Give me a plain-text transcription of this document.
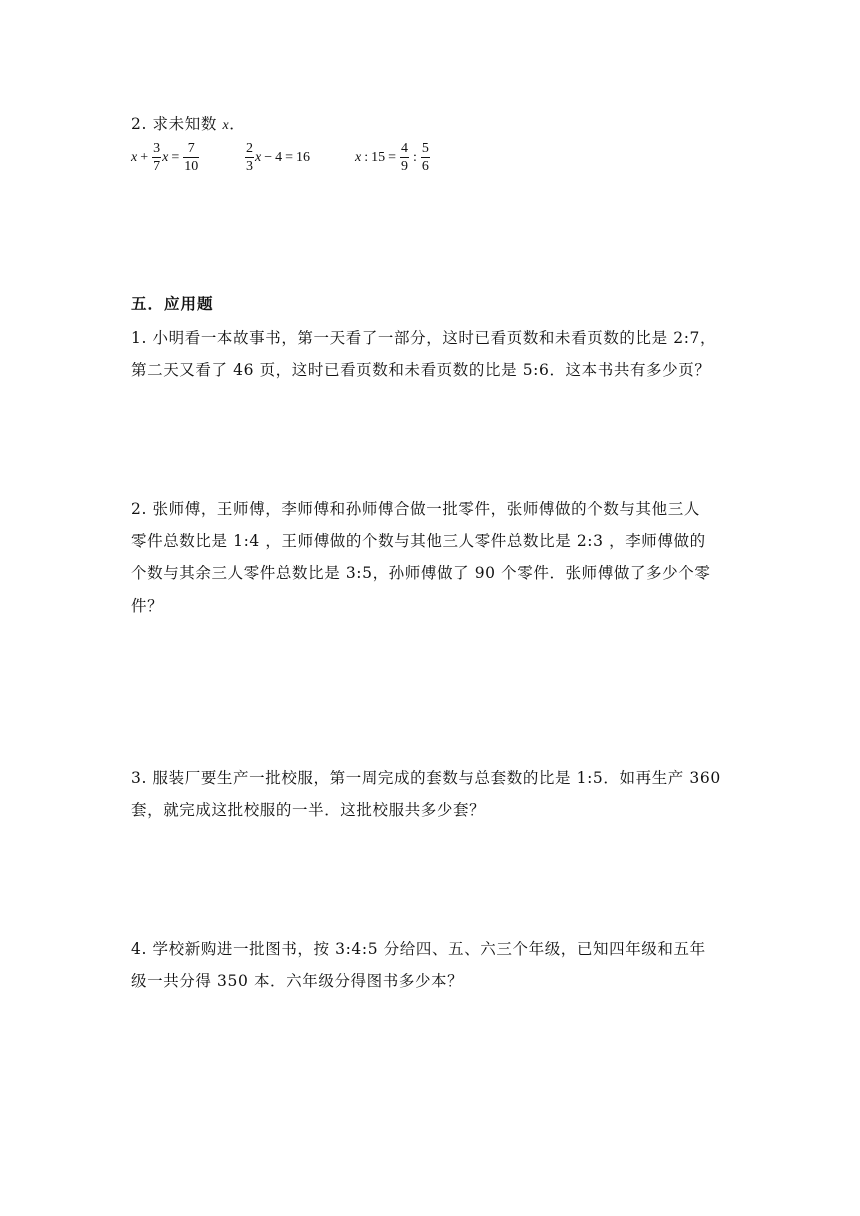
2. 求未知数 x．
$x + \frac{3}{7}$ $x = \frac{7}{10}$	$\frac{2}{3}$ x − 4 = 16	x : $15 = \frac{4}{9}$ : $\frac{5}{6}$
五．应用题
1. 小明看一本故事书，第一天看了一部分，这时已看页数和未看页数的比是 2:7，
第二天又看了 46 页，这时已看页数和未看页数的比是 5:6．这本书共有多少页？
2. 张师傅，王师傅，李师傅和孙师傅合做一批零件，张师傅做的个数与其他三人
零件总数比是 1:4 ，王师傅做的个数与其他三人零件总数比是 2:3 ，李师傅做的
个数与其余三人零件总数比是 3:5，孙师傅做了 90 个零件．张师傅做了多少个零
件？
3. 服装厂要生产一批校服，第一周完成的套数与总套数的比是 1:5．如再生产 360
套，就完成这批校服的一半．这批校服共多少套？
4. 学校新购进一批图书，按 3:4:5 分给四、五、六三个年级，已知四年级和五年
级一共分得 350 本．六年级分得图书多少本？
